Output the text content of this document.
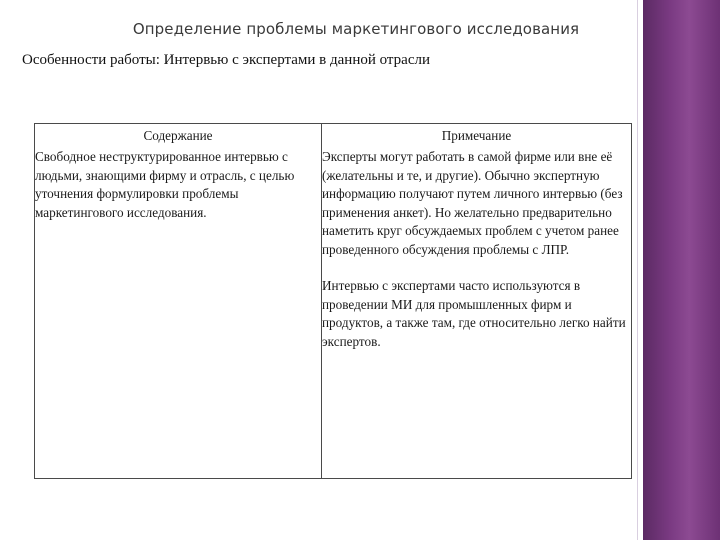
Определение проблемы маркетингового исследования
Особенности работы: Интервью с экспертами в данной отрасли
Содержание	Примечание

Свободное неструктурированное интервью с людьми, знающими фирму и отрасль, с целью уточнения формулировки проблемы маркетингового исследования.	Эксперты могут работать в самой фирме или вне её (желательны и те, и другие). Обычно экспертную информацию получают путем личного интервью (без применения анкет). Но желательно предварительно наметить круг обсуждаемых проблем с учетом ранее проведенного обсуждения проблемы с ЛПР.

Интервью с экспертами часто используются в проведении МИ для промышленных фирм и продуктов, а также там, где относительно легко найти экспертов.
